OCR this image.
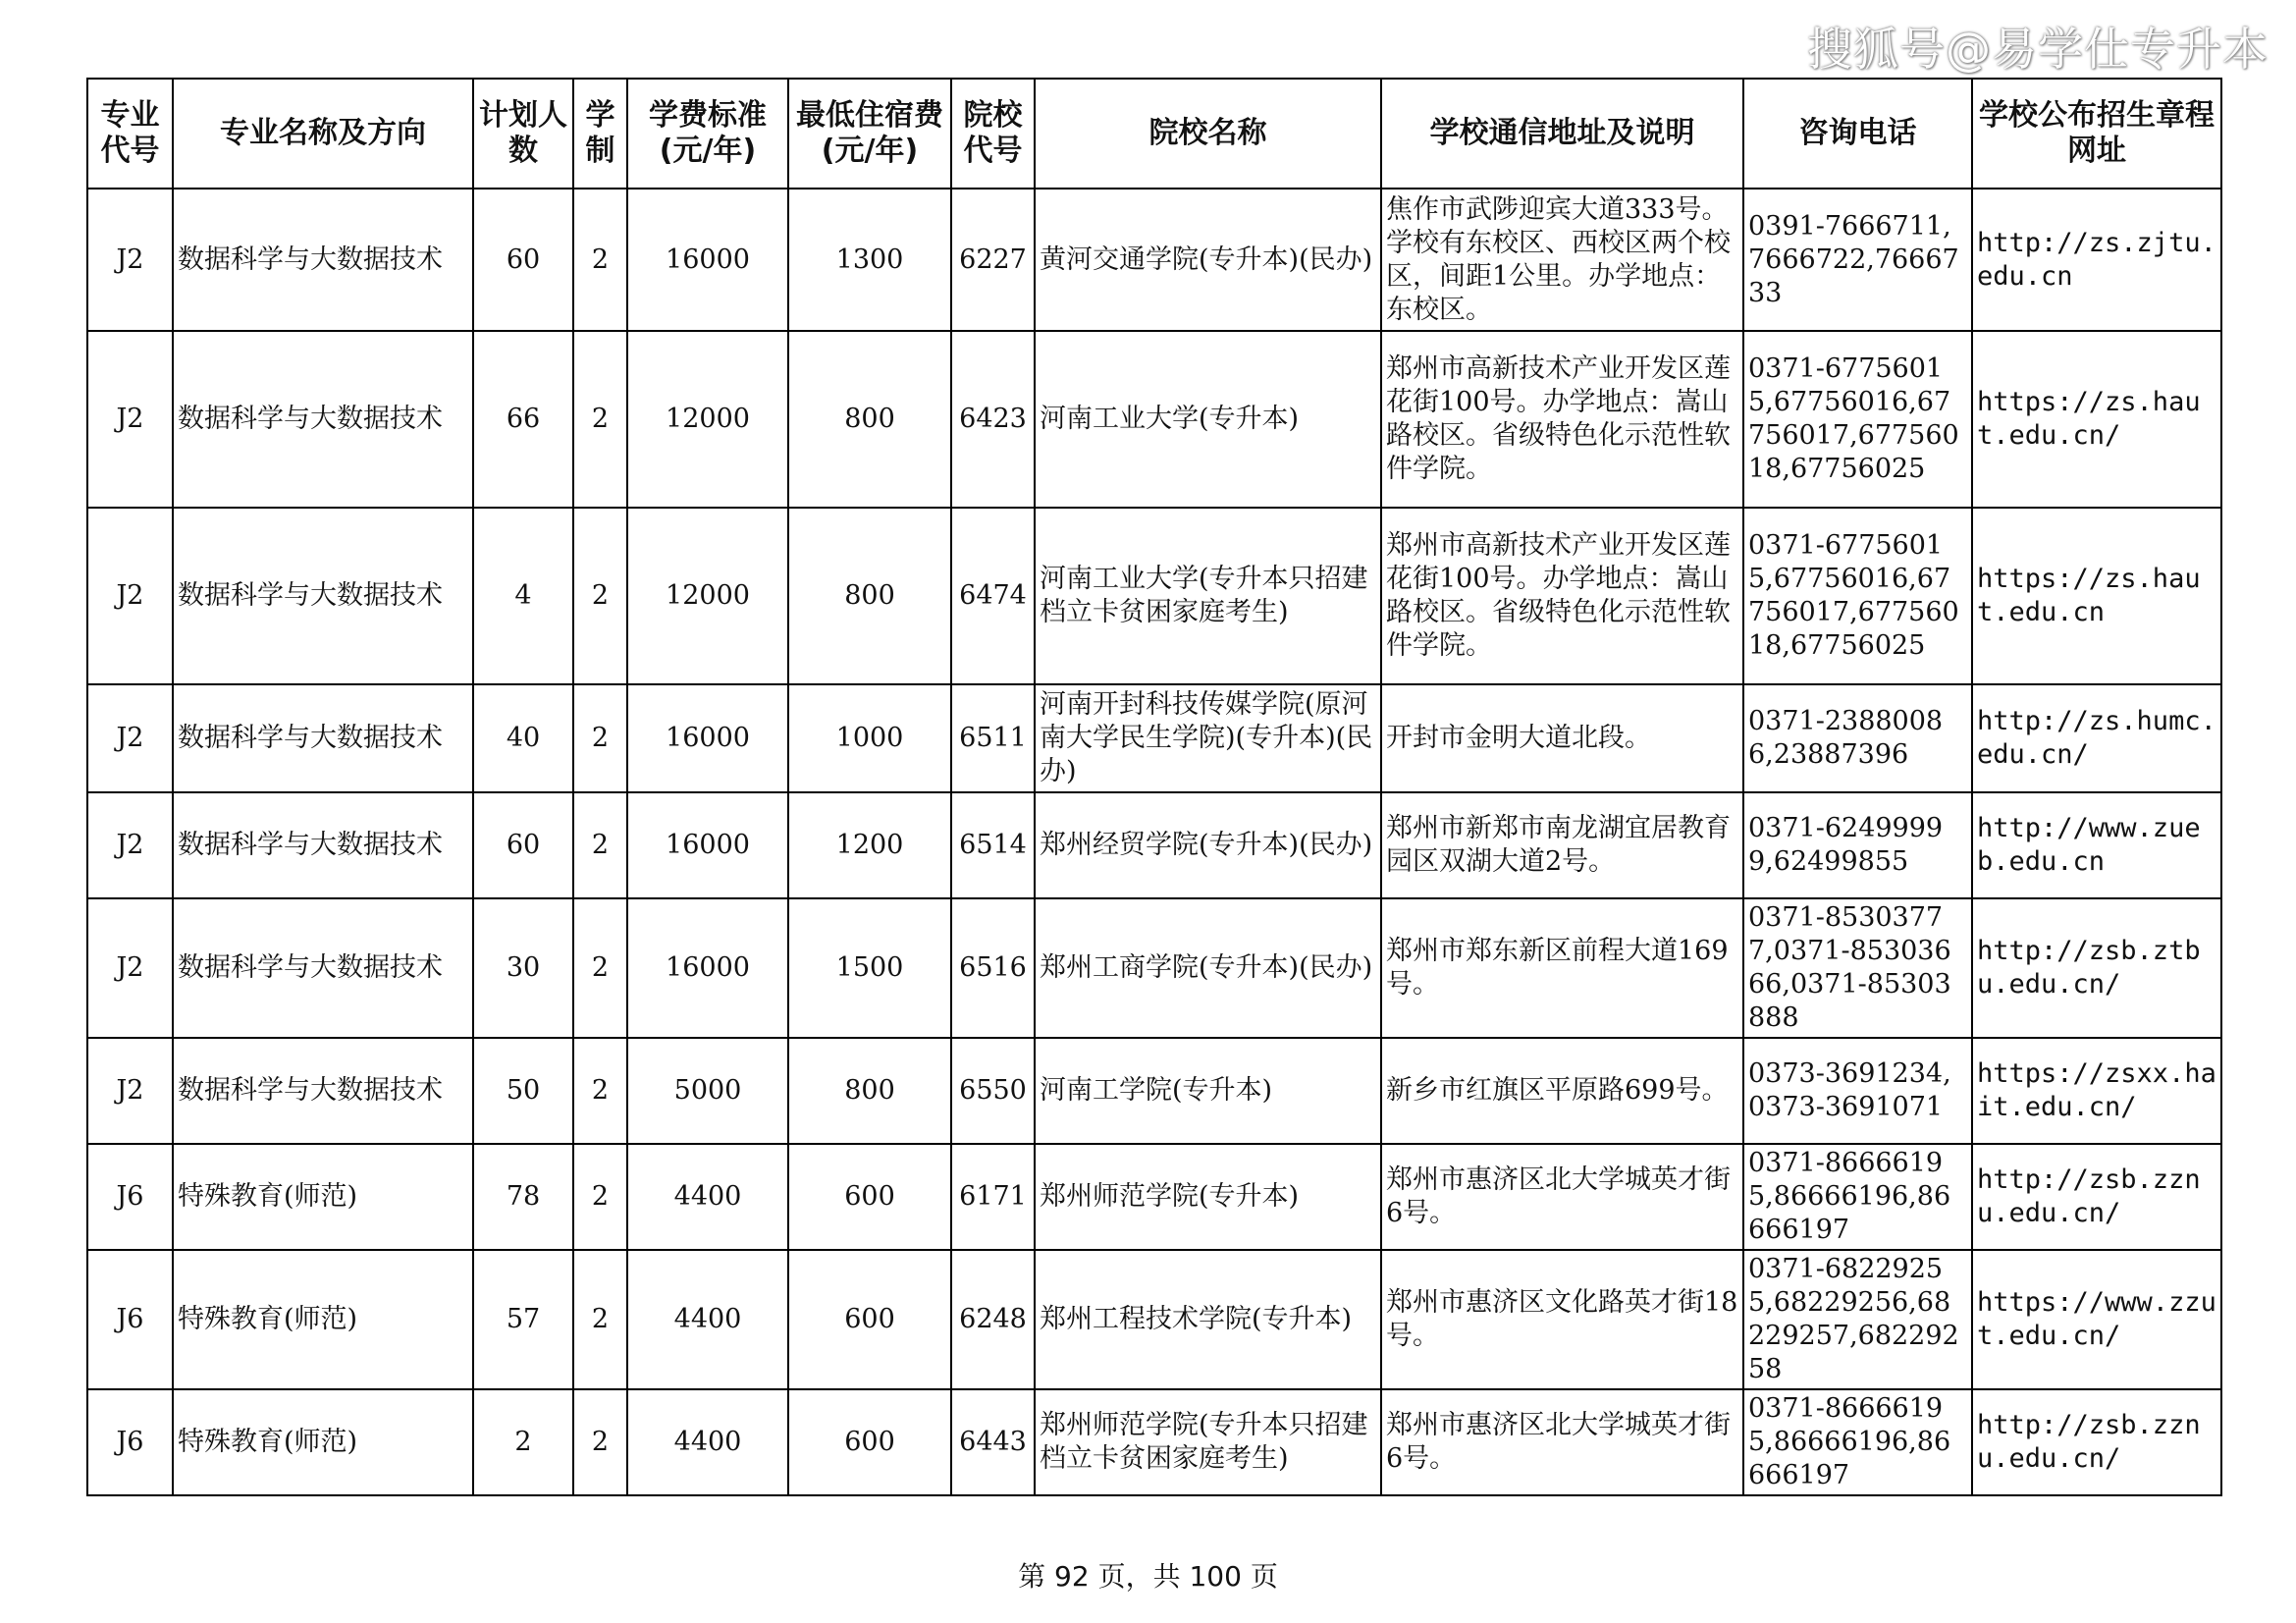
搜狐号@易学仕专升本
专业代号	专业名称及方向	计划人数	学制	学费标准(元/年)	最低住宿费(元/年)	院校代号	院校名称	学校通信地址及说明	咨询电话	学校公布招生章程网址
J2	数据科学与大数据技术	60	2	16000	1300	6227	黄河交通学院(专升本)(民办)	焦作市武陟迎宾大道333号。学校有东校区、西校区两个校区，间距1公里。办学地点：东校区。	0391-7666711,7666722,7666733	http://zs.zjtu.edu.cn
J2	数据科学与大数据技术	66	2	12000	800	6423	河南工业大学(专升本)	郑州市高新技术产业开发区莲花街100号。办学地点：嵩山路校区。省级特色化示范性软件学院。	0371-67756015,67756016,67756017,67756018,67756025	https://zs.haut.edu.cn/
J2	数据科学与大数据技术	4	2	12000	800	6474	河南工业大学(专升本只招建档立卡贫困家庭考生)	郑州市高新技术产业开发区莲花街100号。办学地点：嵩山路校区。省级特色化示范性软件学院。	0371-67756015,67756016,67756017,67756018,67756025	https://zs.haut.edu.cn
J2	数据科学与大数据技术	40	2	16000	1000	6511	河南开封科技传媒学院(原河南大学民生学院)(专升本)(民办)	开封市金明大道北段。	0371-23880086,23887396	http://zs.humc.edu.cn/
J2	数据科学与大数据技术	60	2	16000	1200	6514	郑州经贸学院(专升本)(民办)	郑州市新郑市南龙湖宜居教育园区双湖大道2号。	0371-62499999,62499855	http://www.zueb.edu.cn
J2	数据科学与大数据技术	30	2	16000	1500	6516	郑州工商学院(专升本)(民办)	郑州市郑东新区前程大道169号。	0371-85303777,0371-85303666,0371-85303888	http://zsb.ztbu.edu.cn/
J2	数据科学与大数据技术	50	2	5000	800	6550	河南工学院(专升本)	新乡市红旗区平原路699号。	0373-3691234,0373-3691071	https://zsxx.hait.edu.cn/
J6	特殊教育(师范)	78	2	4400	600	6171	郑州师范学院(专升本)	郑州市惠济区北大学城英才街6号。	0371-86666195,86666196,86666197	http://zsb.zznu.edu.cn/
J6	特殊教育(师范)	57	2	4400	600	6248	郑州工程技术学院(专升本)	郑州市惠济区文化路英才街18号。	0371-68229255,68229256,68229257,68229258	https://www.zzut.edu.cn/
J6	特殊教育(师范)	2	2	4400	600	6443	郑州师范学院(专升本只招建档立卡贫困家庭考生)	郑州市惠济区北大学城英才街6号。	0371-86666195,86666196,86666197	http://zsb.zznu.edu.cn/
第 92 页，共 100 页
